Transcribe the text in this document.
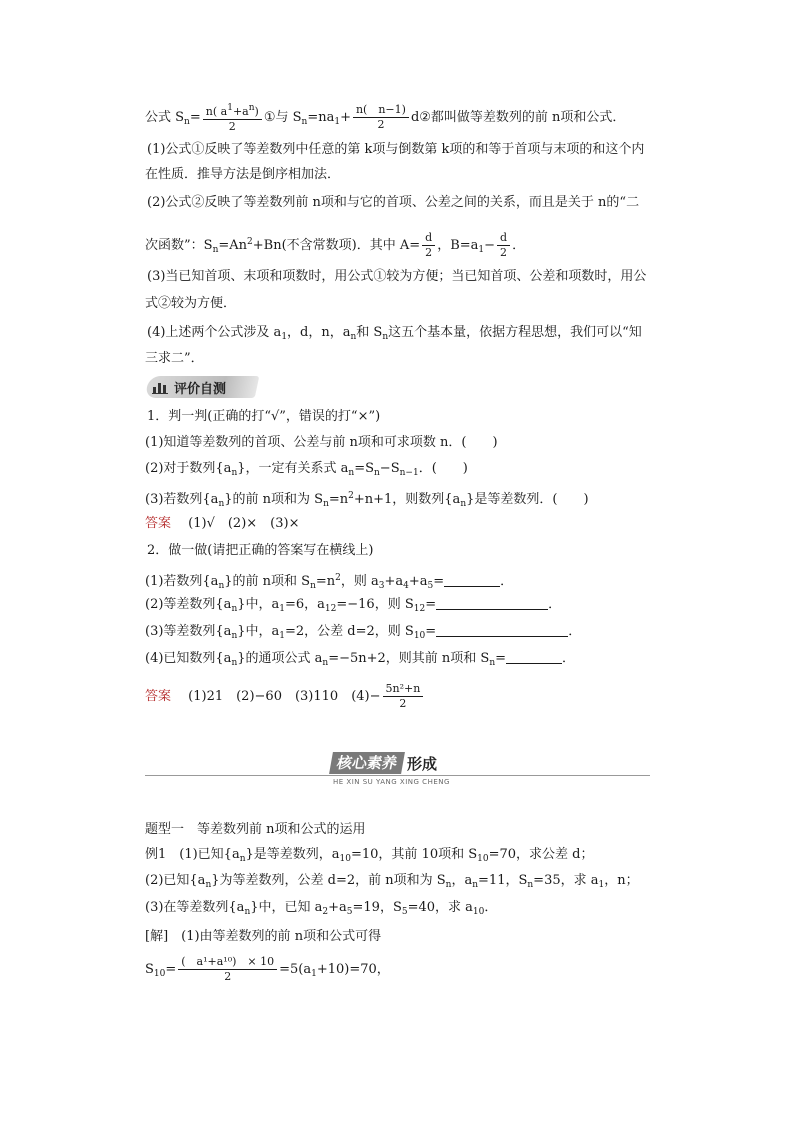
公式 $S_n= \frac{n( a^1+a^n)}{2}$ ①与 $S_n=na_1+ \frac{n( n-1)}{2}$ d②都叫做等差数列的前 n项和公式．
(1)公式①反映了等差数列中任意的第 k项与倒数第 k项的和等于首项与末项的和这个内
在性质．推导方法是倒序相加法．
(2)公式②反映了等差数列前 n项和与它的首项、公差之间的关系，而且是关于 n的“二
次函数”：$S_n=An^2+Bn$(不含常数项)．其中 $A= \frac{d}{2}$ ，$B=a_1- \frac{d}{2}$ ．
(3)当已知首项、末项和项数时，用公式①较为方便；当已知首项、公差和项数时，用公
式②较为方便．
(4)上述两个公式涉及 $a_1$，d，n，$a_n$和 $S_n$这五个基本量，依据方程思想，我们可以“知
三求二”．
评价自测
1．判一判(正确的打“√”，错误的打“×”)
(1)知道等差数列的首项、公差与前 n项和可求项数 n．(　　)
(2)对于数列$\{a_n\}$，一定有关系式 $a_n=S_n-S_{n-1}$．(　　)
(3)若数列$\{a_n\}$的前 n项和为 $S_n=n^2+n+1$，则数列$\{a_n\}$是等差数列．(　　)
答案　 (1)√　(2)×　(3)×
2．做一做(请把正确的答案写在横线上)
(1)若数列$\{a_n\}$的前 n项和 $S_n=n^2$，则 $a_3+a_4+a_5=$	．
(2)等差数列$\{a_n\}$中，$a_1=6$，$a_{12}=-16$，则 $S_{12}=$	．
(3)等差数列$\{a_n\}$中，$a_1=2$，公差 d=2，则 $S_{10}=$	．
(4)已知数列$\{a_n\}$的通项公式 $a_n=-5n+2$，则其前 n项和 $S_n=$	．
答案　 (1)21　(2)−60　(3)110　$(4)- \frac{\text{5n²+n}}{2}$
核心素养 形成
HE XIN SU YANG XING CHENG
题型一　等差数列前 n项和公式的运用
例1　(1)已知$\{a_n\}$是等差数列，$a_{10}=10$，其前 10项和 $S_{10}=70$，求公差 d；
(2)已知$\{a_n\}$为等差数列，公差 d=2，前 n项和为 $S_n$，$a_n=11$，$S_n=35$，求 $a_1$，n；
(3)在等差数列$\{a_n\}$中，已知 $a_2+a_5=19$，$S_5=40$，求 $a_{10}$．
[解]　(1)由等差数列的前 n项和公式可得
$S_{10}= \frac{\text{(　a¹+a¹⁰)　× 10}}{2} =5(a_1+10)=70$，
